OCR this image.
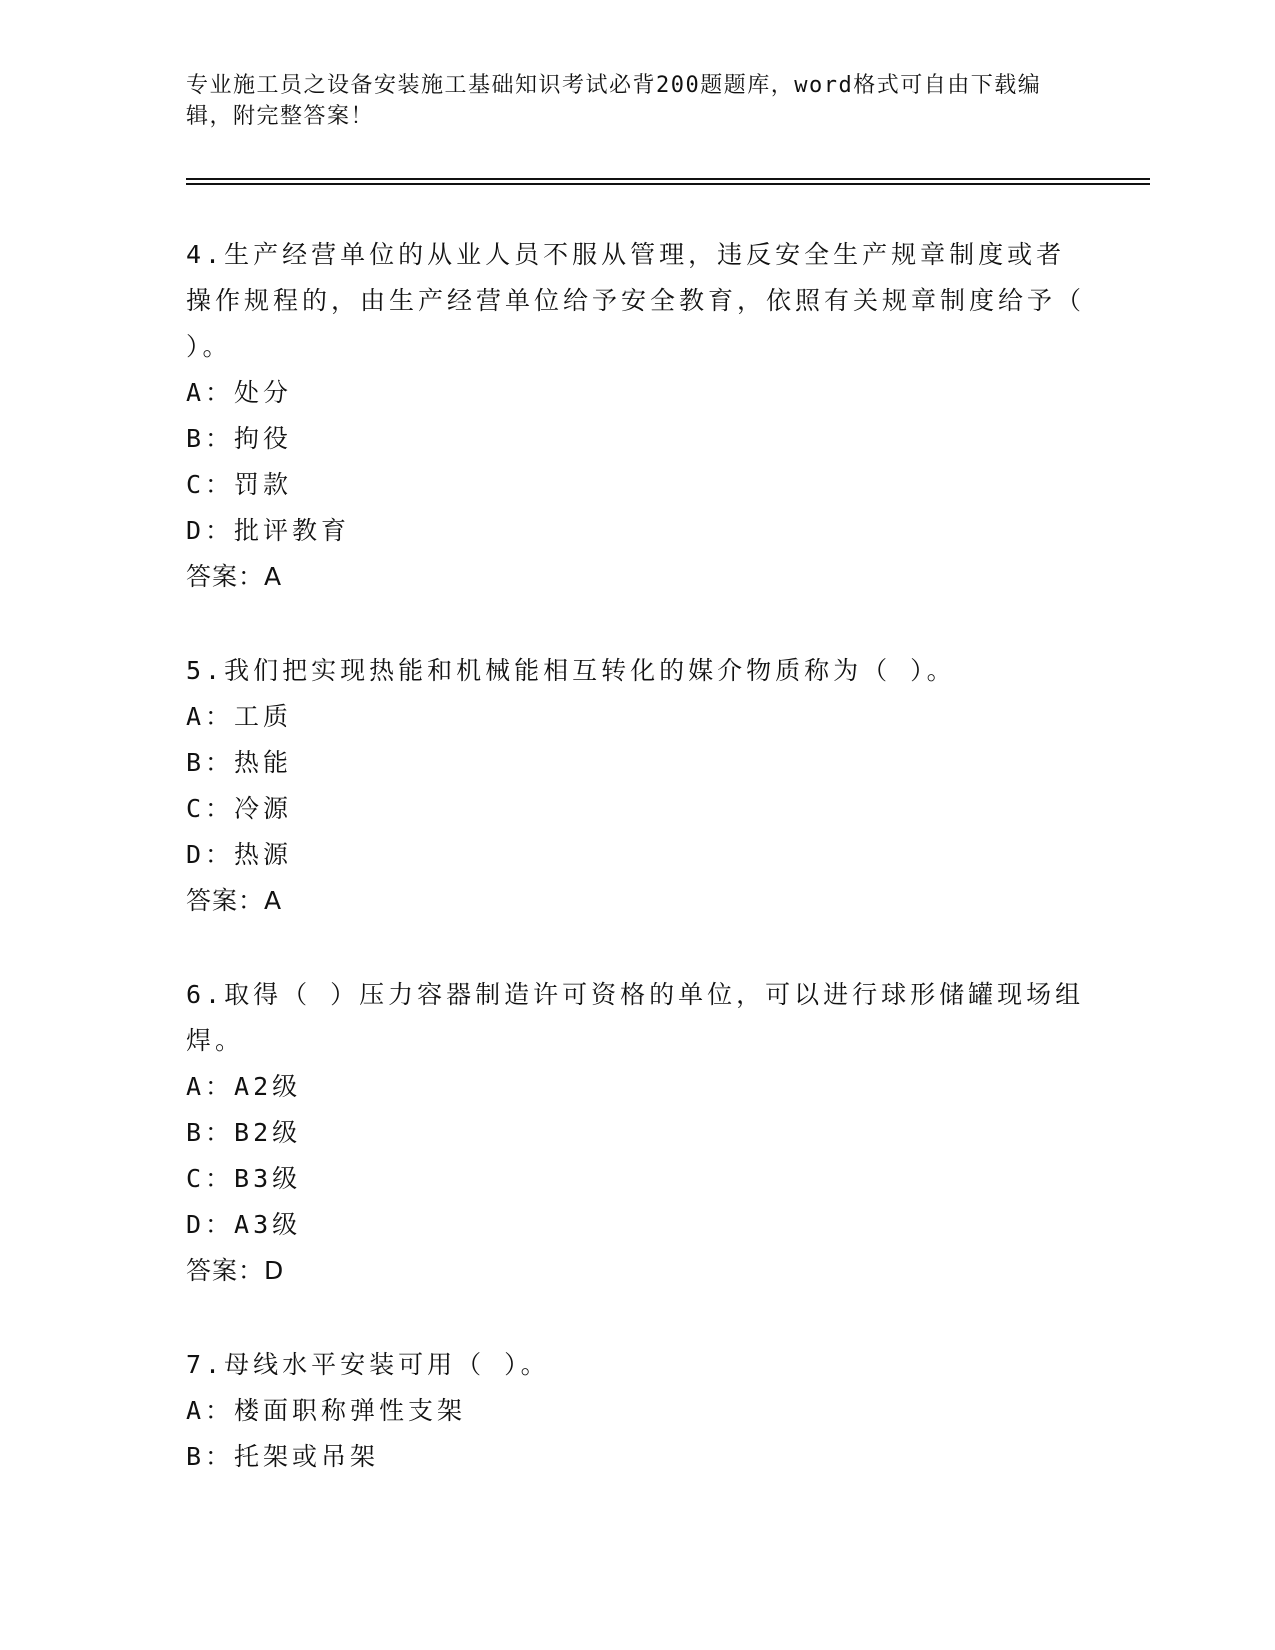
专业施工员之设备安装施工基础知识考试必背200题题库，word格式可自由下载编辑，附完整答案！

4.生产经营单位的从业人员不服从管理，违反安全生产规章制度或者操作规程的，由生产经营单位给予安全教育，依照有关规章制度给予（ ）。

A：处分

B：拘役

C：罚款

D：批评教育

答案：A

5.我们把实现热能和机械能相互转化的媒介物质称为（ ）。

A：工质

B：热能

C：冷源

D：热源

答案：A

6.取得（ ）压力容器制造许可资格的单位，可以进行球形储罐现场组焊。

A：A2级

B：B2级

C：B3级

D：A3级

答案：D

7.母线水平安装可用（ ）。

A：楼面职称弹性支架

B：托架或吊架
